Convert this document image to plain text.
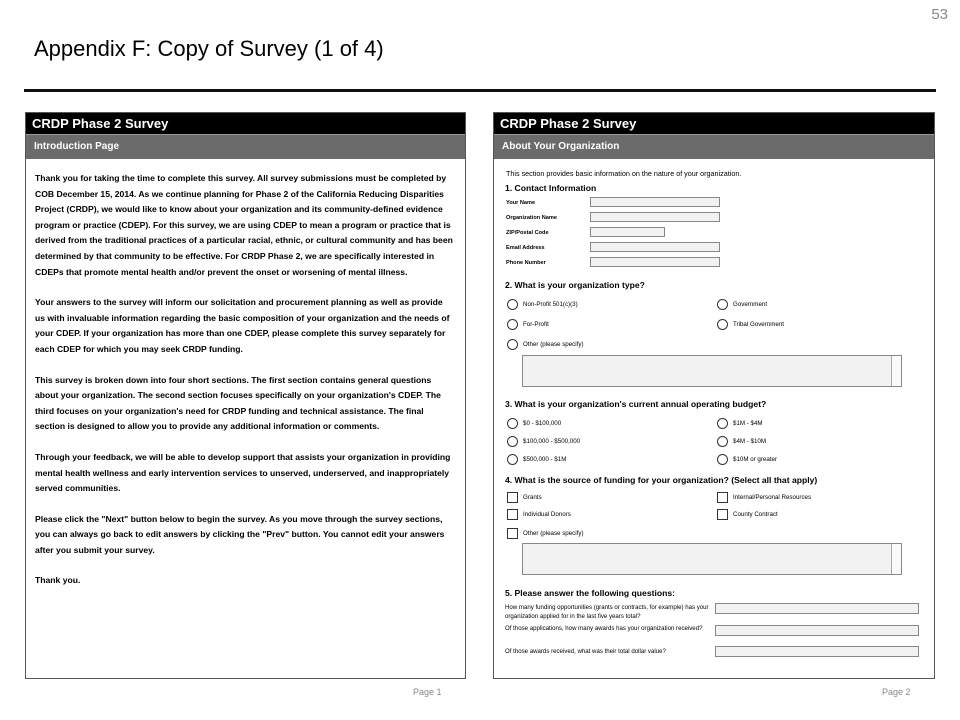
53
Appendix F: Copy of Survey (1 of 4)
CRDP Phase 2 Survey
Introduction Page

Thank you for taking the time to complete this survey. All survey submissions must be completed by COB December 15, 2014. As we continue planning for Phase 2 of the California Reducing Disparities Project (CRDP), we would like to know about your organization and its community-defined evidence program or practice (CDEP). For this survey, we are using CDEP to mean a program or practice that is derived from the traditional practices of a particular racial, ethnic, or cultural community and has been determined by that community to be effective. For CRDP Phase 2, we are specifically interested in CDEPs that promote mental health and/or prevent the onset or worsening of mental illness.

Your answers to the survey will inform our solicitation and procurement planning as well as provide us with invaluable information regarding the basic composition of your organization and the needs of your CDEP. If your organization has more than one CDEP, please complete this survey separately for each CDEP for which you may seek CRDP funding.

This survey is broken down into four short sections. The first section contains general questions about your organization. The second section focuses specifically on your organization's CDEP. The third focuses on your organization's need for CRDP funding and technical assistance. The final section is designed to allow you to provide any additional information or comments.

Through your feedback, we will be able to develop support that assists your organization in providing mental health wellness and early intervention services to unserved, underserved, and inappropriately served communities.

Please click the "Next" button below to begin the survey. As you move through the survey sections, you can always go back to edit answers by clicking the "Prev" button. You cannot edit your answers after you submit your survey.

Thank you.

Page 1
CRDP Phase 2 Survey
About Your Organization
This section provides basic information on the nature of your organization.
1. Contact Information
Your Name
Organization Name
ZIP/Postal Code
Email Address
Phone Number
2. What is your organization type?
Non-Profit 501(c)(3)	Government
For-Profit	Tribal Government
Other (please specify)
3. What is your organization's current annual operating budget?
$0 - $100,000	$1M - $4M
$100,000 - $500,000	$4M - $10M
$500,000 - $1M	$10M or greater
4. What is the source of funding for your organization? (Select all that apply)
Grants	Internal/Personal Resources
Individual Donors	County Contract
Other (please specify)
5. Please answer the following questions:
How many funding opportunities (grants or contracts, for example) has your organization applied for in the last five years total?
Of those applications, how many awards has your organization received?
Of those awards received, what was their total dollar value?
Page 2
